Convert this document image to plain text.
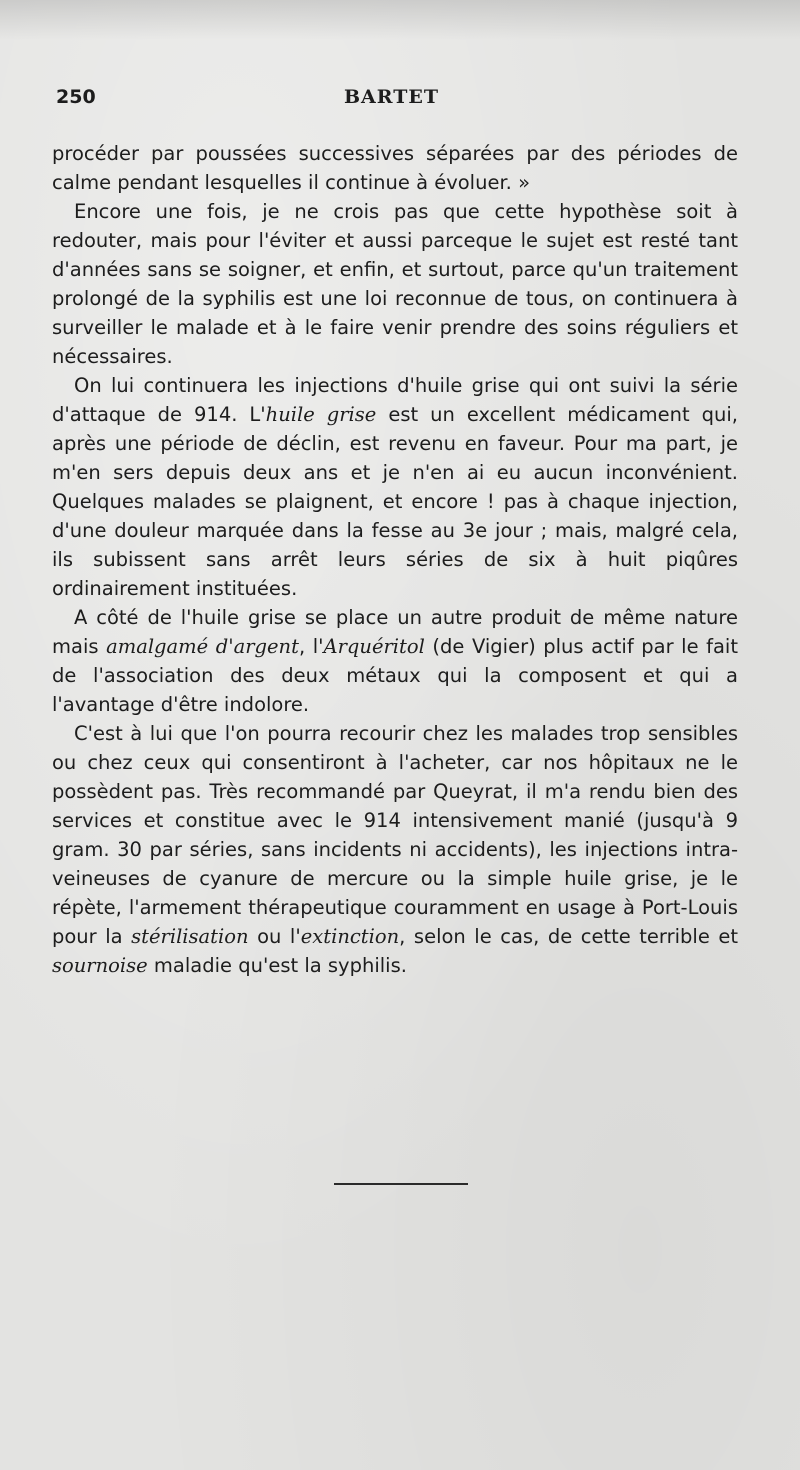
250	BARTET

procéder par poussées successives séparées par des périodes de calme pendant lesquelles il continue à évoluer. »

Encore une fois, je ne crois pas que cette hypothèse soit à redouter, mais pour l'éviter et aussi parceque le sujet est resté tant d'années sans se soigner, et enfin, et surtout, parce qu'un traitement prolongé de la syphilis est une loi reconnue de tous, on continuera à surveiller le malade et à le faire venir prendre des soins réguliers et nécessaires.

On lui continuera les injections d'huile grise qui ont suivi la série d'attaque de 914. L'huile grise est un excellent médicament qui, après une période de déclin, est revenu en faveur. Pour ma part, je m'en sers depuis deux ans et je n'en ai eu aucun inconvénient. Quelques malades se plaignent, et encore ! pas à chaque injection, d'une douleur marquée dans la fesse au 3e jour ; mais, malgré cela, ils subissent sans arrêt leurs séries de six à huit piqûres ordinairement instituées.

A côté de l'huile grise se place un autre produit de même nature mais amalgamé d'argent, l'Arquéritol (de Vigier) plus actif par le fait de l'association des deux métaux qui la composent et qui a l'avantage d'être indolore.

C'est à lui que l'on pourra recourir chez les malades trop sensibles ou chez ceux qui consentiront à l'acheter, car nos hôpitaux ne le possèdent pas. Très recommandé par Queyrat, il m'a rendu bien des services et constitue avec le 914 intensivement manié (jusqu'à 9 gram. 30 par séries, sans incidents ni accidents), les injections intra-veineuses de cyanure de mercure ou la simple huile grise, je le répète, l'armement thérapeutique couramment en usage à Port-Louis pour la stérilisation ou l'extinction, selon le cas, de cette terrible et sournoise maladie qu'est la syphilis.
